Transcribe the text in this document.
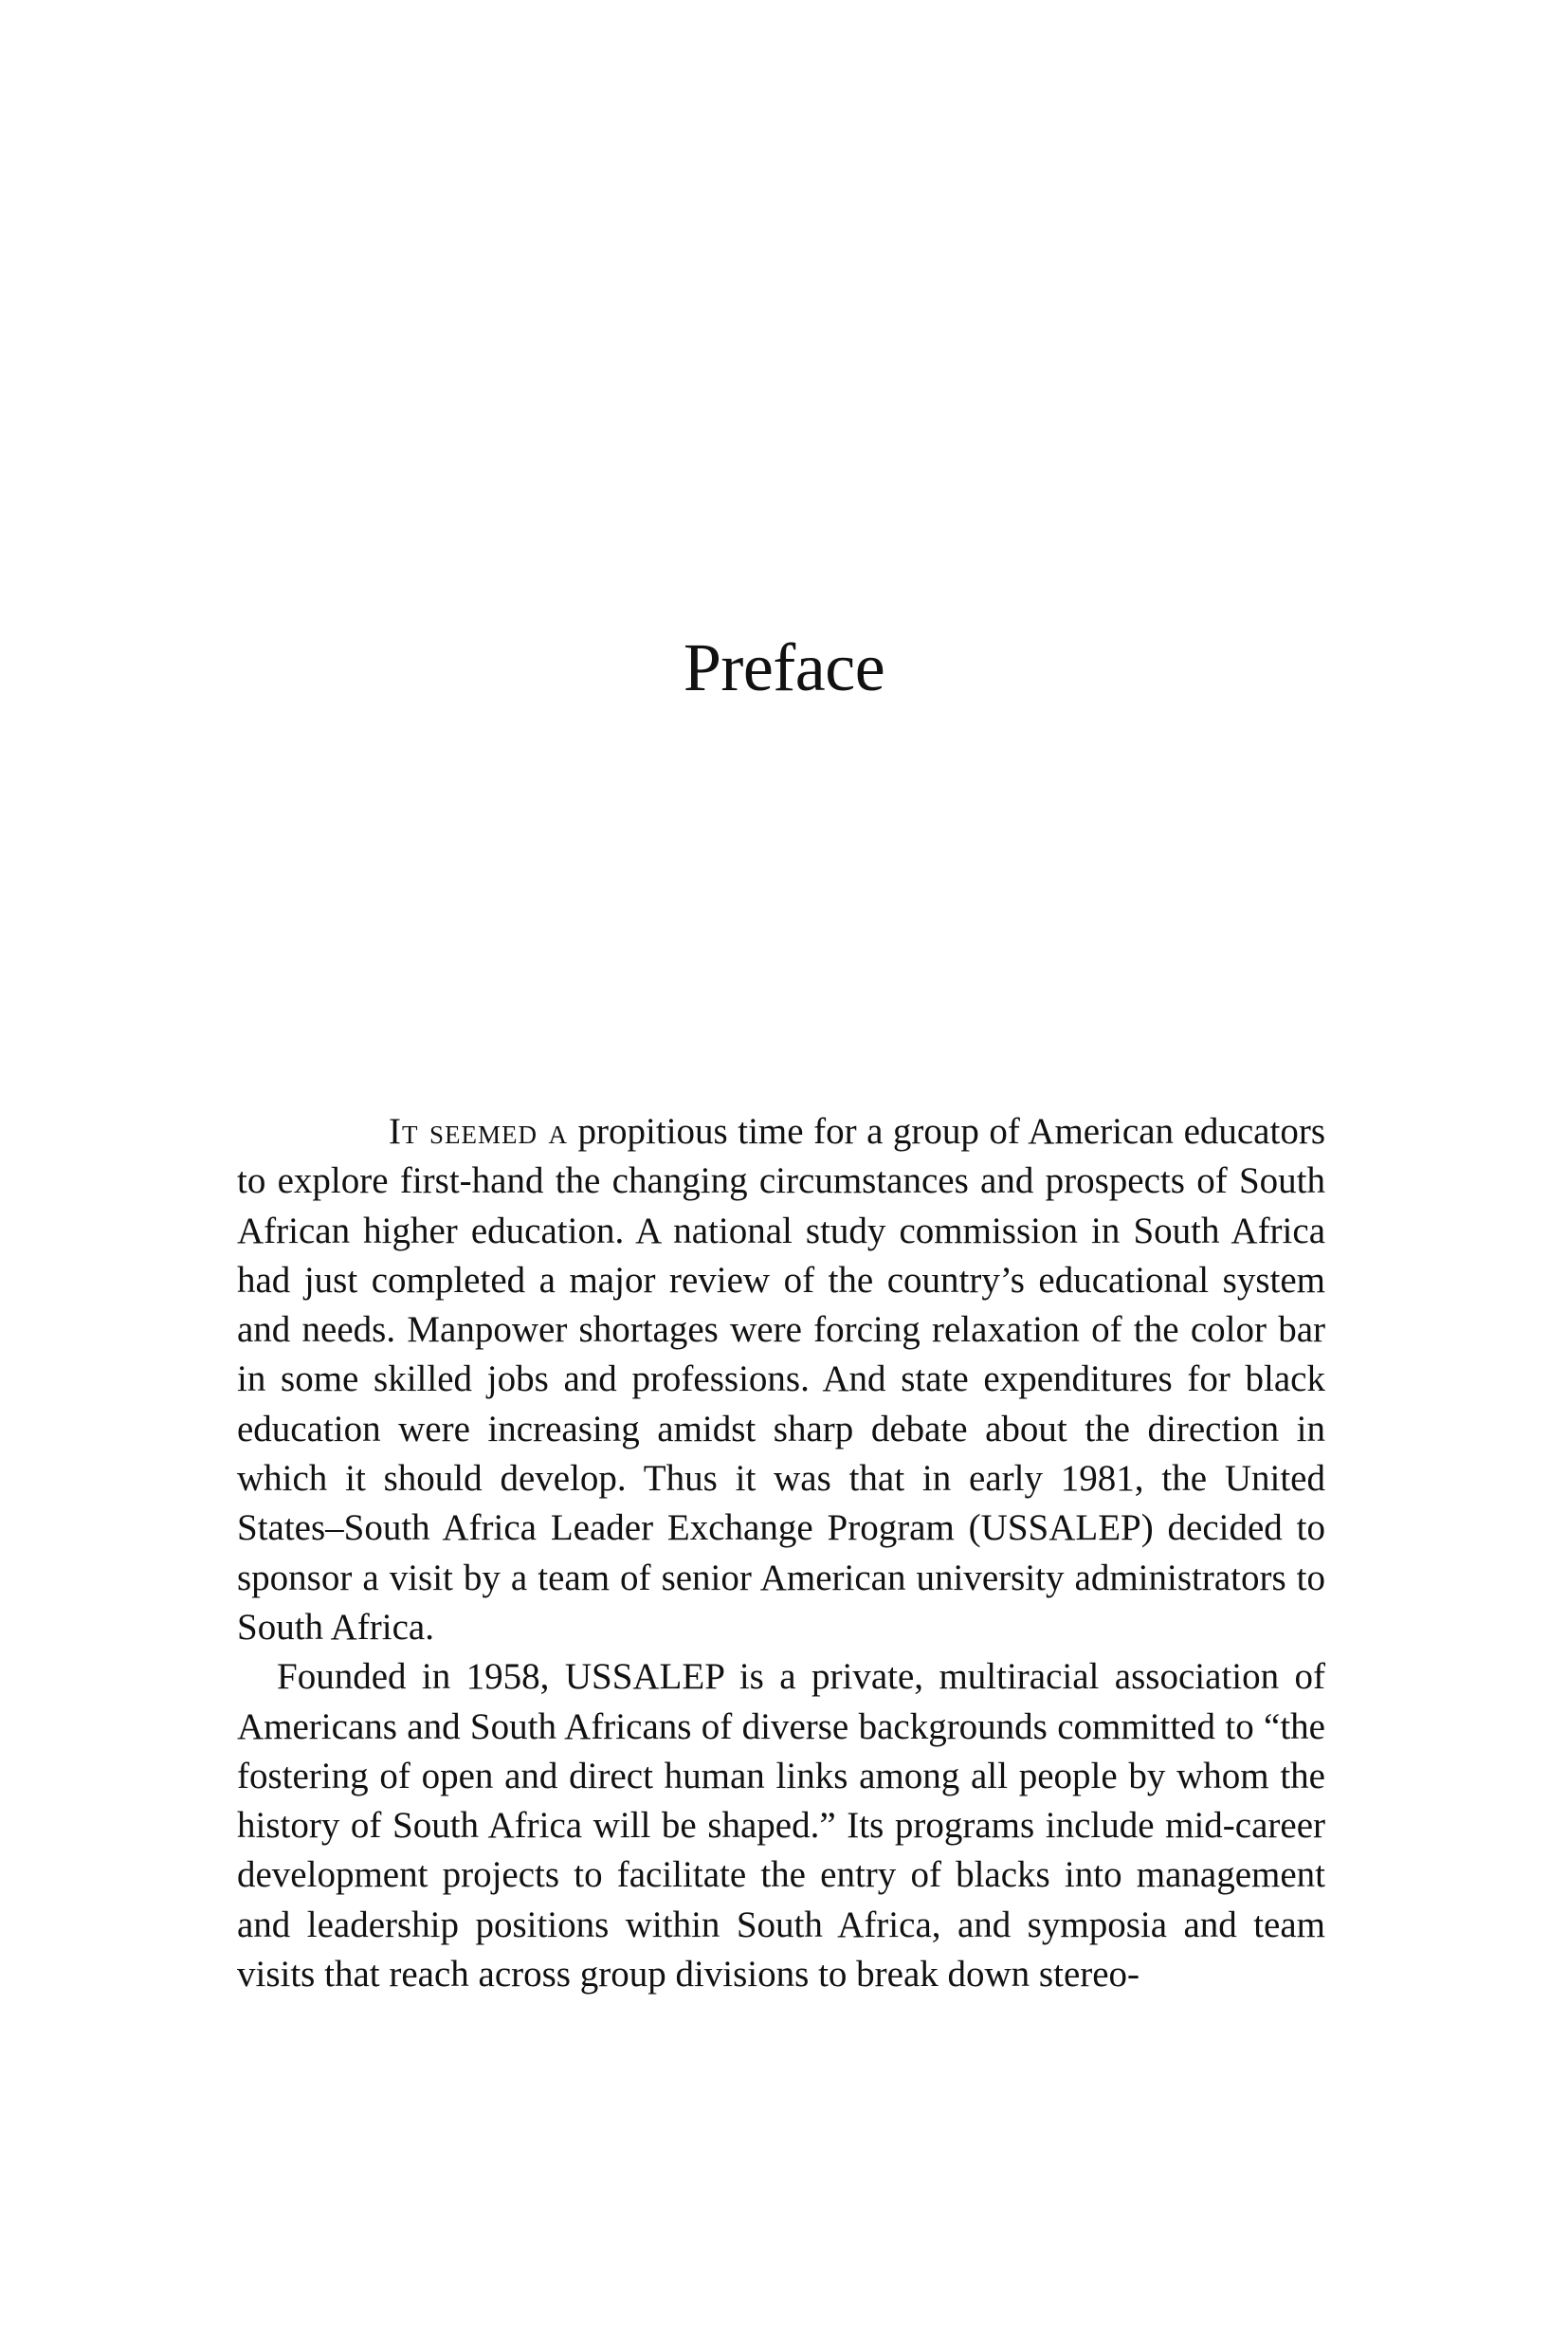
Preface

It seemed a propitious time for a group of American educators to explore first-hand the changing circumstances and prospects of South African higher education. A national study commission in South Africa had just completed a major review of the country’s educational system and needs. Manpower shortages were forcing relaxation of the color bar in some skilled jobs and professions. And state expenditures for black education were increasing amidst sharp debate about the direction in which it should develop. Thus it was that in early 1981, the United States–South Africa Leader Exchange Program (USSALEP) decided to sponsor a visit by a team of senior American university administrators to South Africa.

Founded in 1958, USSALEP is a private, multiracial association of Americans and South Africans of diverse backgrounds committed to “the fostering of open and direct human links among all people by whom the history of South Africa will be shaped.” Its programs include mid-career development projects to facilitate the entry of blacks into management and leadership positions within South Africa, and symposia and team visits that reach across group divisions to break down stereo-
